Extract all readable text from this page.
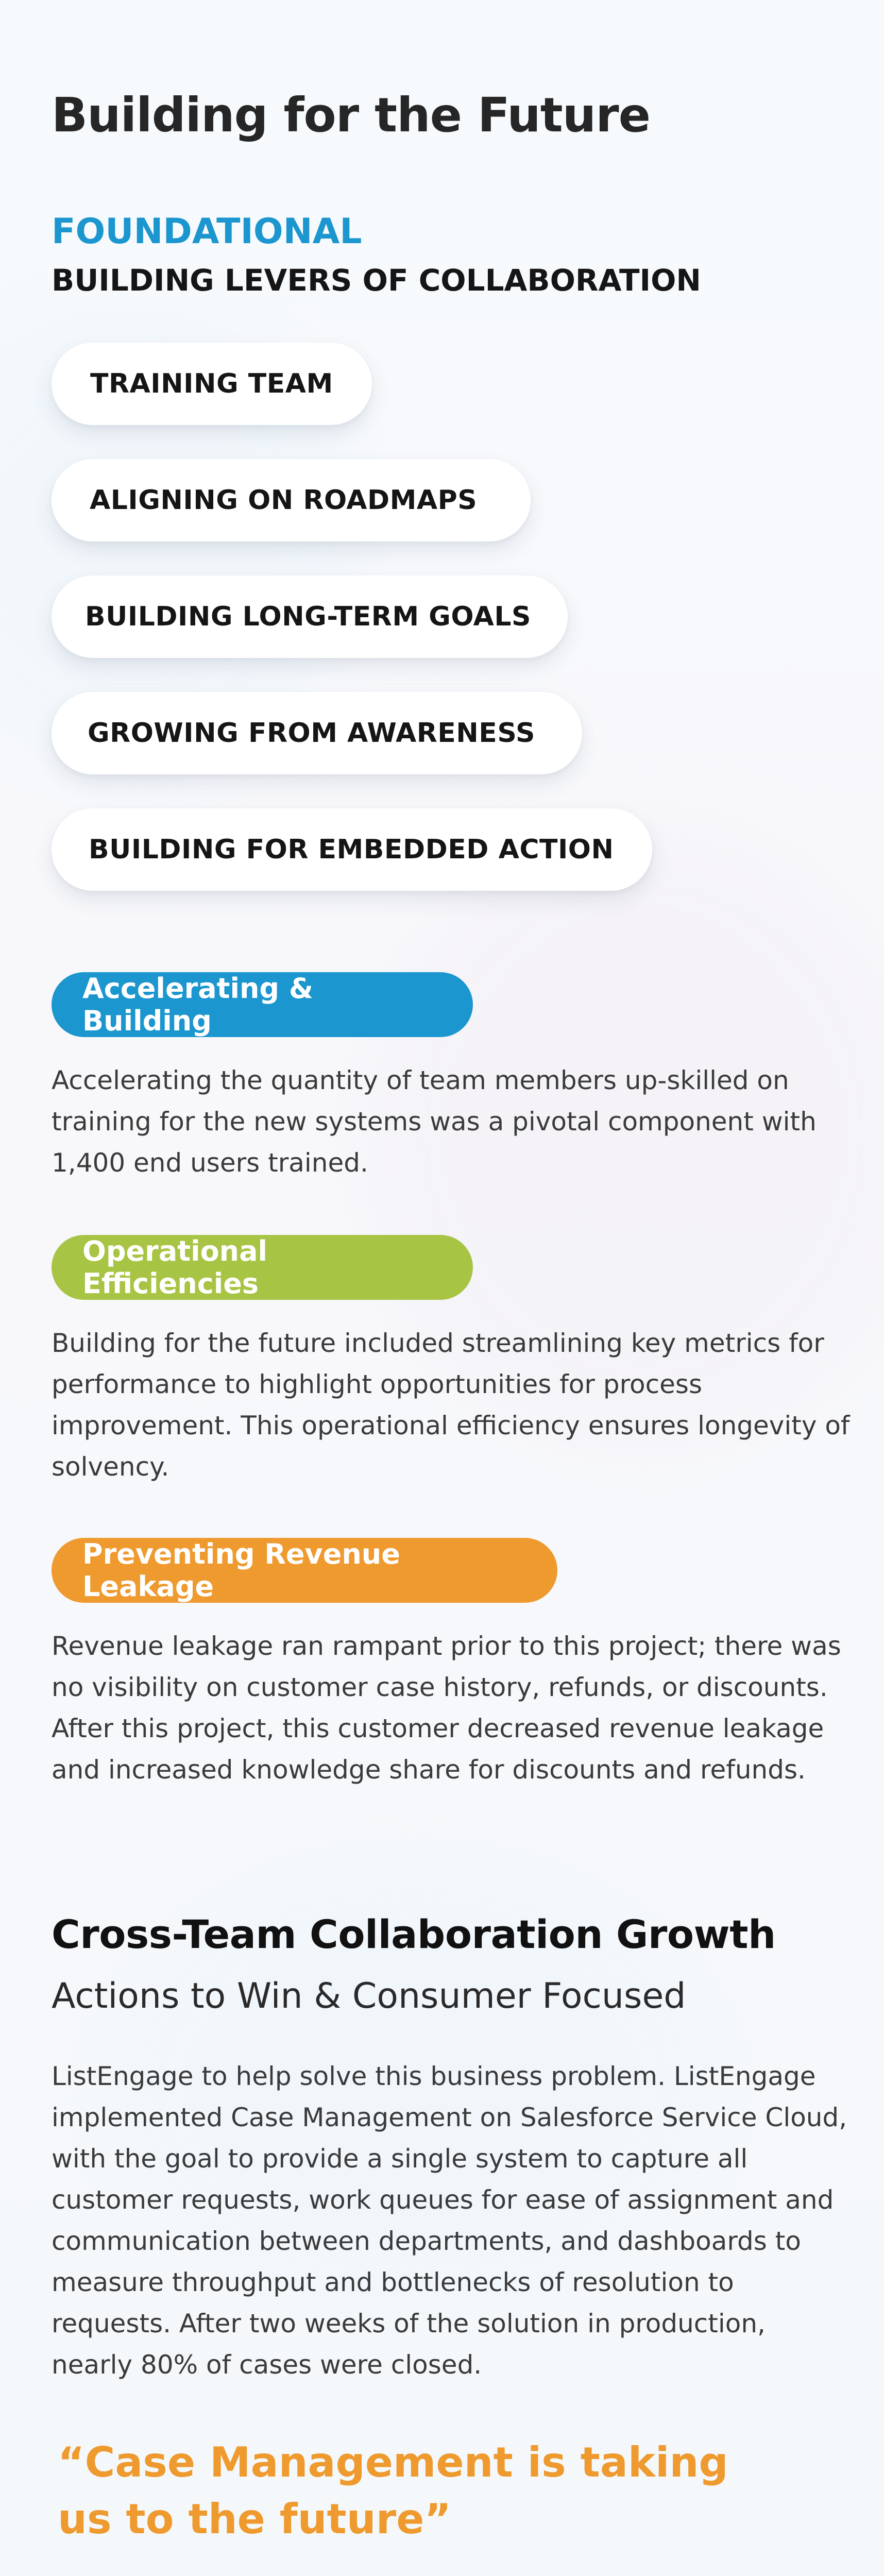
Building for the Future
FOUNDATIONAL
BUILDING LEVERS OF COLLABORATION
TRAINING TEAM
ALIGNING ON ROADMAPS
BUILDING LONG-TERM GOALS
GROWING FROM AWARENESS
BUILDING FOR EMBEDDED ACTION
Accelerating & Building

Accelerating the quantity of team members up-skilled on training for the new systems was a pivotal component with 1,400 end users trained.

Operational Efficiencies

Building for the future included streamlining key metrics for performance to highlight opportunities for process improvement. This operational efficiency ensures longevity of solvency.

Preventing Revenue Leakage

Revenue leakage ran rampant prior to this project; there was no visibility on customer case history, refunds, or discounts. After this project, this customer decreased revenue leakage and increased knowledge share for discounts and refunds.

Cross-Team Collaboration Growth
Actions to Win & Consumer Focused

ListEngage to help solve this business problem. ListEngage implemented Case Management on Salesforce Service Cloud, with the goal to provide a single system to capture all customer requests, work queues for ease of assignment and communication between departments, and dashboards to measure throughput and bottlenecks of resolution to requests. After two weeks of the solution in production, nearly 80% of cases were closed.

“Case Management is taking us to the future”
